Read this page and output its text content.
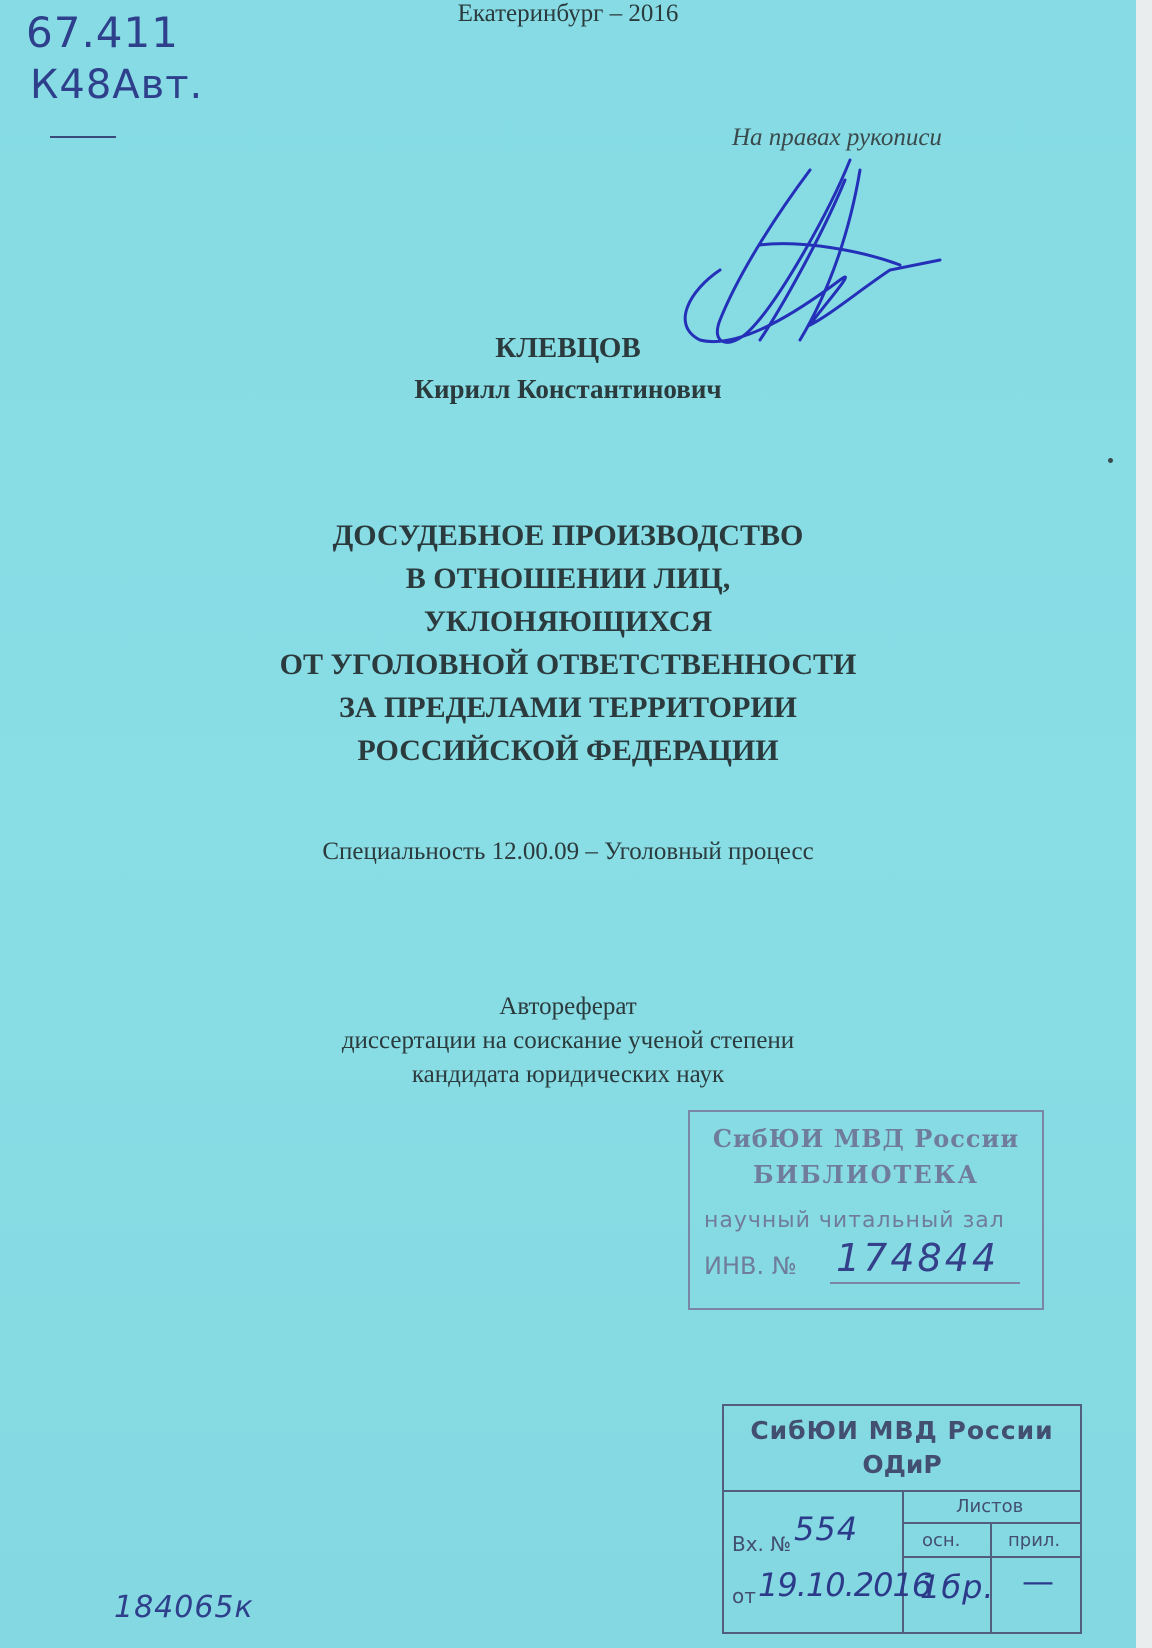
67.411
К48Авт.
На правах рукописи
КЛЕВЦОВ
Кирилл Константинович
ДОСУДЕБНОЕ ПРОИЗВОДСТВО
В ОТНОШЕНИИ ЛИЦ,
УКЛОНЯЮЩИХСЯ
ОТ УГОЛОВНОЙ ОТВЕТСТВЕННОСТИ
ЗА ПРЕДЕЛАМИ ТЕРРИТОРИИ
РОССИЙСКОЙ ФЕДЕРАЦИИ
Специальность 12.00.09 – Уголовный процесс
Автореферат
диссертации на соискание ученой степени
кандидата юридических наук
СибЮИ МВД России
БИБЛИОТЕКА
научный читальный зал
ИНВ. № 174844
Екатеринбург – 2016
СибЮИ МВД России
ОДиР
Листов
осн.	прил.
Вх. № 554
от 19.10.2016
1бр. —
184065к
